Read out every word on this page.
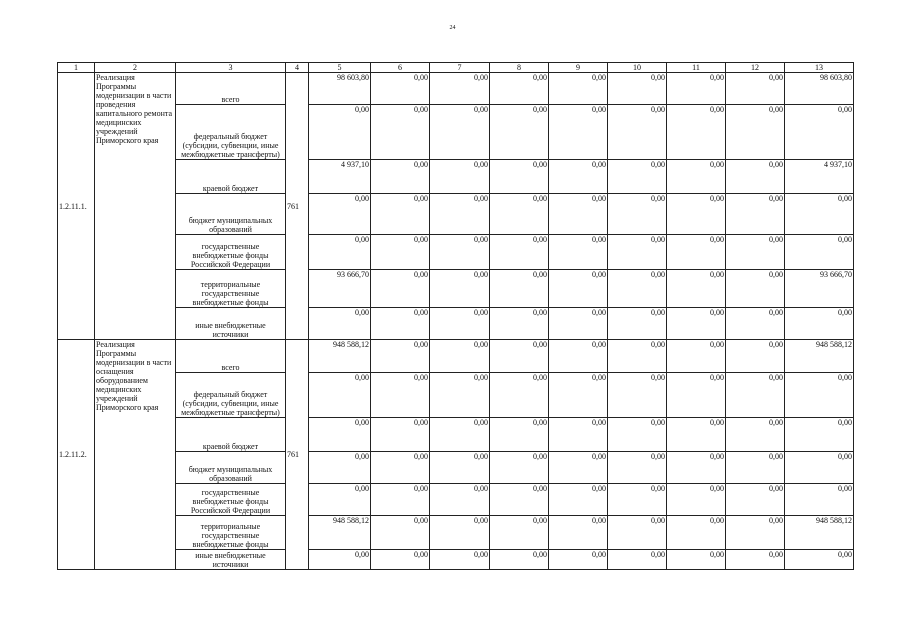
24
1	2	3	4	5	6	7	8	9	10	11	12	13
1.2.11.1.	Реализация Программы модернизации в части проведения капитального ремонта медицинских учреждений Приморского края	всего	761	98 603,80	0,00	0,00	0,00	0,00	0,00	0,00	0,00	98 603,80
		федеральный бюджет (субсидии, субвенции, иные межбюджетные трансферты)		0,00	0,00	0,00	0,00	0,00	0,00	0,00	0,00	0,00
		краевой бюджет		4 937,10	0,00	0,00	0,00	0,00	0,00	0,00	0,00	4 937,10
		бюджет муниципальных образований		0,00	0,00	0,00	0,00	0,00	0,00	0,00	0,00	0,00
		государственные внебюджетные фонды Российской Федерации		0,00	0,00	0,00	0,00	0,00	0,00	0,00	0,00	0,00
		территориальные государственные внебюджетные фонды		93 666,70	0,00	0,00	0,00	0,00	0,00	0,00	0,00	93 666,70
		иные внебюджетные источники		0,00	0,00	0,00	0,00	0,00	0,00	0,00	0,00	0,00
1.2.11.2.	Реализация Программы модернизации в части оснащения оборудованием медицинских учреждений Приморского края	всего	761	948 588,12	0,00	0,00	0,00	0,00	0,00	0,00	0,00	948 588,12
		федеральный бюджет (субсидии, субвенции, иные межбюджетные трансферты)		0,00	0,00	0,00	0,00	0,00	0,00	0,00	0,00	0,00
		краевой бюджет		0,00	0,00	0,00	0,00	0,00	0,00	0,00	0,00	0,00
		бюджет муниципальных образований		0,00	0,00	0,00	0,00	0,00	0,00	0,00	0,00	0,00
		государственные внебюджетные фонды Российской Федерации		0,00	0,00	0,00	0,00	0,00	0,00	0,00	0,00	0,00
		территориальные государственные внебюджетные фонды		948 588,12	0,00	0,00	0,00	0,00	0,00	0,00	0,00	948 588,12
		иные внебюджетные источники		0,00	0,00	0,00	0,00	0,00	0,00	0,00	0,00	0,00
